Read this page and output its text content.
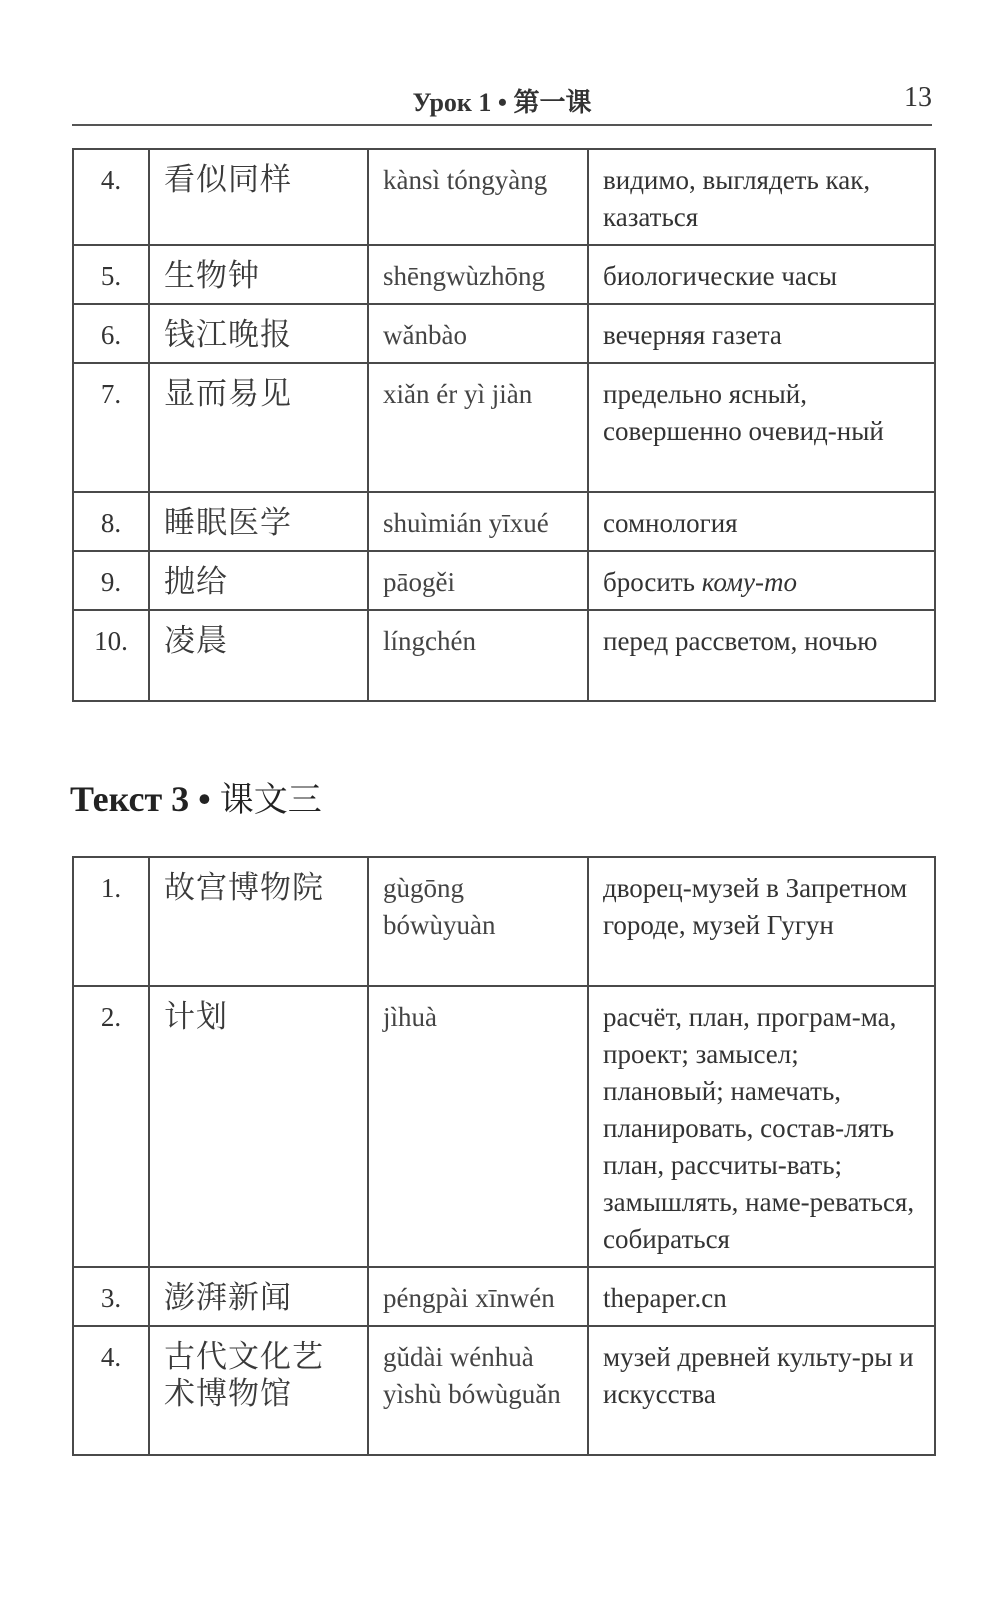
Урок 1 • 第一课	13
4.	看似同样	kànsì tóngyàng	видимо, выглядеть как, казаться
5.	生物钟	shēngwùzhōng	биологические часы
6.	钱江晚报	wǎnbào	вечерняя газета
7.	显而易见	xiǎn ér yì jiàn	предельно ясный, совершенно очевид-ный
8.	睡眠医学	shuìmián yīxué	сомнология
9.	抛给	pāogěi	бросить кому-то
10.	凌晨	língchén	перед рассветом, ночью
Текст 3 • 课文三
1.	故宫博物院	gùgōng bówùyuàn	дворец-музей в Запретном городе, музей Гугун
2.	计划	jìhuà	расчёт, план, програм-ма, проект; замысел; плановый; намечать, планировать, состав-лять план, рассчиты-вать; замышлять, наме-реваться, собираться
3.	澎湃新闻	péngpài xīnwén	thepaper.cn
4.	古代文化艺术博物馆	gǔdài wénhuà yìshù bówùguǎn	музей древней культу-ры и искусства
